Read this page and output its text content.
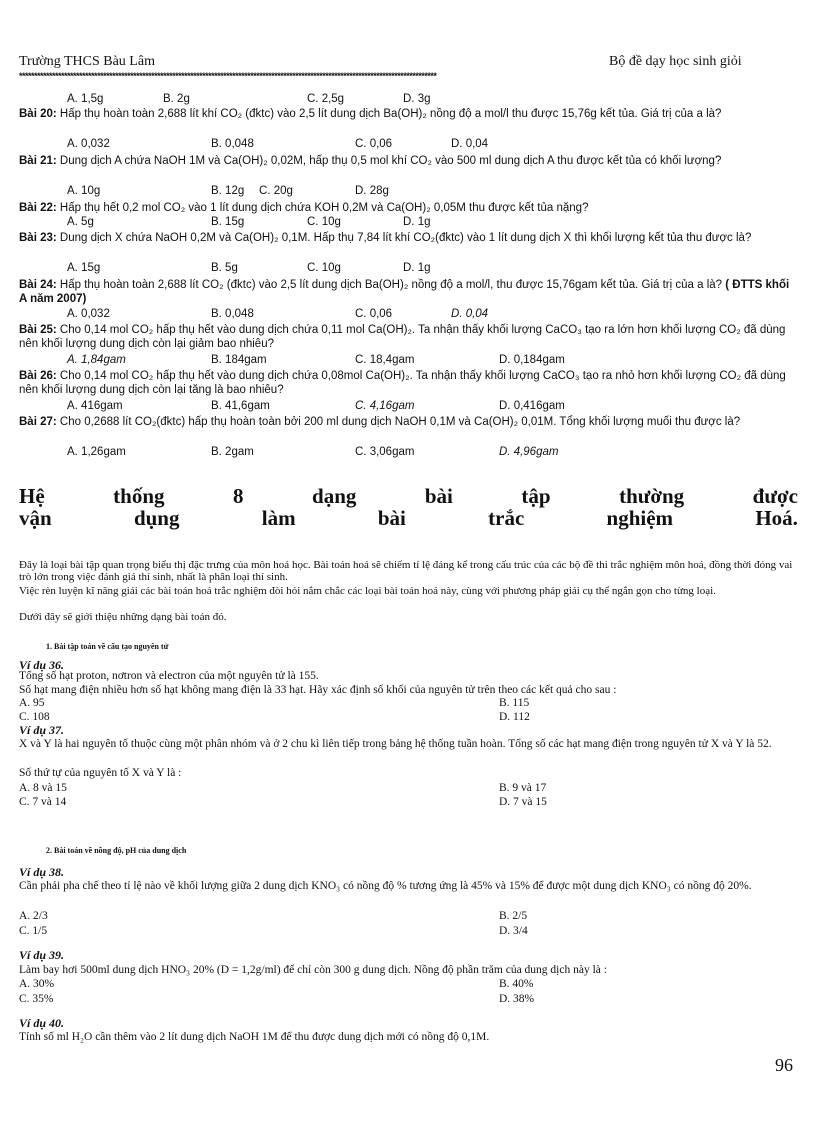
Trường THCS Bàu Lâm	Bộ đề dạy học sinh giỏi
*******************************************************************************************************************************************
A. 1,5g	B. 2g	C. 2,5g	D. 3g
Bài 20: Hấp thụ hoàn toàn 2,688 lít khí CO₂ (đktc) vào 2,5 lít dung dịch Ba(OH)₂ nồng độ a mol/l thu được 15,76g kết tủa. Giá trị của a là?
A. 0,032	B. 0,048	C. 0,06	D. 0,04
Bài 21: Dung dịch A chứa NaOH 1M và Ca(OH)₂ 0,02M, hấp thụ 0,5 mol khí CO₂ vào 500 ml dung dịch A thu được kết tủa có khối lượng?
A. 10g	B. 12g C. 20g	D. 28g
Bài 22: Hấp thụ hết 0,2 mol CO₂ vào 1 lít dung dịch chứa KOH 0,2M và Ca(OH)₂ 0,05M thu được kết tủa nặng?
A. 5g	B. 15g	C. 10g	D. 1g
Bài 23: Dung dịch X chứa NaOH 0,2M và Ca(OH)₂ 0,1M. Hấp thụ 7,84 lít khí CO₂(đktc) vào 1 lít dung dịch X thì khối lượng kết tủa thu được là?
A. 15g	B. 5g	C. 10g	D. 1g
Bài 24: Hấp thụ hoàn toàn 2,688 lít CO₂ (đktc) vào 2,5 lít dung dịch Ba(OH)₂ nồng độ a mol/l, thu được 15,76gam kết tủa. Giá trị của a là? ( ĐTTS khối A năm 2007)
A. 0,032	B. 0,048	C. 0,06	D. 0,04
Bài 25: Cho 0,14 mol CO₂ hấp thụ hết vào dung dịch chứa 0,11 mol Ca(OH)₂. Ta nhận thấy khối lượng CaCO₃ tạo ra lớn hơn khối lượng CO₂ đã dùng nên khối lượng dung dịch còn lại giảm bao nhiêu?
A. 1,84gam	B. 184gam	C. 18,4gam	D. 0,184gam
Bài 26: Cho 0,14 mol CO₂ hấp thụ hết vào dung dịch chứa 0,08mol Ca(OH)₂. Ta nhận thấy khối lượng CaCO₃ tạo ra nhỏ hơn khối lượng CO₂ đã dùng nên khối lượng dung dịch còn lại tăng là bao nhiêu?
A. 416gam	B. 41,6gam	C. 4,16gam	D. 0,416gam
Bài 27: Cho 0,2688 lít CO₂(đktc) hấp thụ hoàn toàn bởi 200 ml dung dịch NaOH 0,1M và Ca(OH)₂ 0,01M. Tổng khối lượng muối thu được là?
A. 1,26gam	B. 2gam	C. 3,06gam	D. 4,96gam
Hệ	thống	8	dạng	bài	tập	thường	được
vận	dụng	làm	bài	trắc	nghiệm	Hoá.
Đây là loại bài tập quan trọng biểu thị đặc trưng của môn hoá học. Bài toán hoá sẽ chiếm tỉ lệ đáng kể trong cấu trúc của các bộ đề thi trắc nghiệm môn hoá, đồng thời đóng vai trò lớn trong việc đánh giá thí sinh, nhất là phân loại thí sinh.
Việc rèn luyện kĩ năng giải các bài toán hoá trắc nghiệm đòi hỏi nắm chắc các loại bài toán hoá này, cùng với phương pháp giải cụ thể ngắn gọn cho từng loại.
Dưới đây sẽ giới thiệu những dạng bài toán đó.
1. Bài tập toán về cấu tạo nguyên tử
Ví dụ 36.
Tổng số hạt proton, nơtron và electron của một nguyên tử là 155.
Số hạt mang điện nhiều hơn số hạt không mang điện là 33 hạt. Hãy xác định số khối của nguyên tử trên theo các kết quả cho sau :
A. 95	B. 115
C. 108	D. 112
Ví dụ 37.
X và Y là hai nguyên tố thuộc cùng một phân nhóm và ở 2 chu kì liên tiếp trong bảng hệ thống tuần hoàn. Tổng số các hạt mang điện trong nguyên tử X và Y là 52.
Số thứ tự của nguyên tố X và Y là :
A. 8 và 15	B. 9 và 17
C. 7 và 14	D. 7 và 15
2. Bài toán về nồng độ, pH của dung dịch
Ví dụ 38.
Cần phải pha chế theo tỉ lệ nào về khối lượng giữa 2 dung dịch KNO₃ có nồng độ % tương ứng là 45% và 15% để được một dung dịch KNO₃ có nồng độ 20%.
A. 2/3	B. 2/5
C. 1/5	D. 3/4
Ví dụ 39.
Làm bay hơi 500ml dung dịch HNO₃ 20% (D = 1,2g/ml) để chỉ còn 300 g dung dịch. Nồng độ phần trăm của dung dịch này là :
A. 30%	B. 40%
C. 35%	D. 38%
Ví dụ 40.
Tính số ml H₂O cần thêm vào 2 lít dung dịch NaOH 1M để thu được dung dịch mới có nồng độ 0,1M.
96
